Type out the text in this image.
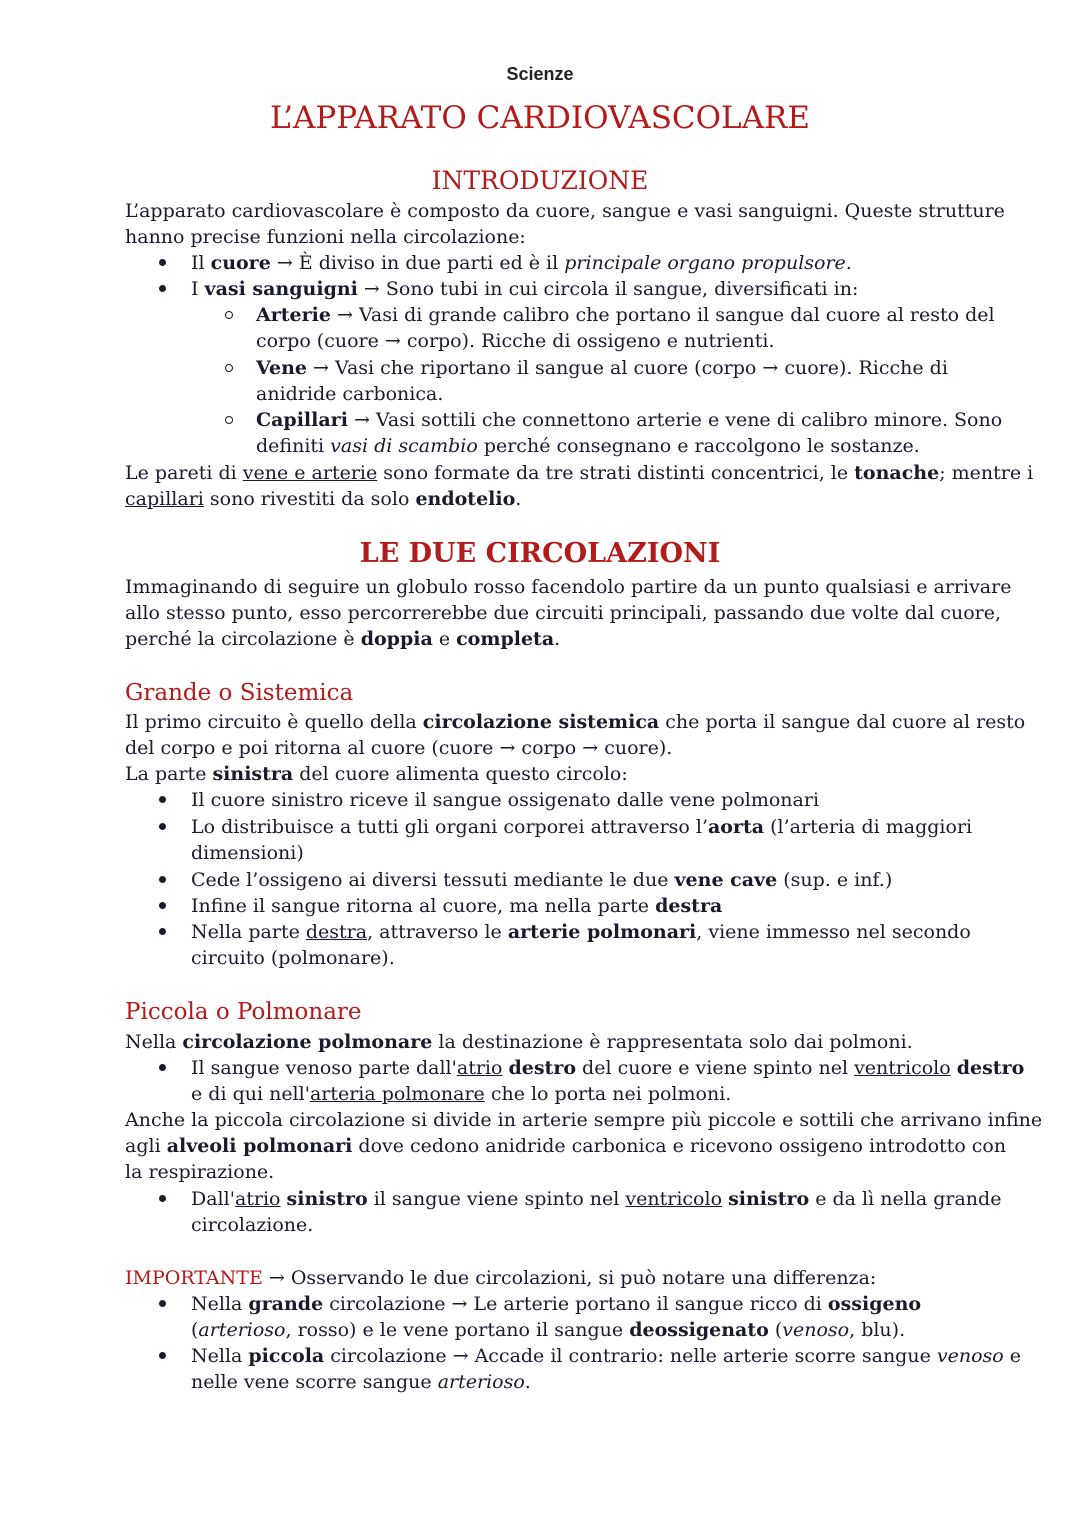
Scienze
L’APPARATO CARDIOVASCOLARE
INTRODUZIONE
L’apparato cardiovascolare è composto da cuore, sangue e vasi sanguigni. Queste strutture
hanno precise funzioni nella circolazione:
Il cuore → È diviso in due parti ed è il principale organo propulsore.
I vasi sanguigni → Sono tubi in cui circola il sangue, diversificati in:
Arterie → Vasi di grande calibro che portano il sangue dal cuore al resto del
corpo (cuore → corpo). Ricche di ossigeno e nutrienti.
Vene → Vasi che riportano il sangue al cuore (corpo → cuore). Ricche di
anidride carbonica.
Capillari → Vasi sottili che connettono arterie e vene di calibro minore. Sono
definiti vasi di scambio perché consegnano e raccolgono le sostanze.
Le pareti di vene e arterie sono formate da tre strati distinti concentrici, le tonache; mentre i
capillari sono rivestiti da solo endotelio.
LE DUE CIRCOLAZIONI
Immaginando di seguire un globulo rosso facendolo partire da un punto qualsiasi e arrivare
allo stesso punto, esso percorrerebbe due circuiti principali, passando due volte dal cuore,
perché la circolazione è doppia e completa.
Grande o Sistemica
Il primo circuito è quello della circolazione sistemica che porta il sangue dal cuore al resto
del corpo e poi ritorna al cuore (cuore → corpo → cuore).
La parte sinistra del cuore alimenta questo circolo:
Il cuore sinistro riceve il sangue ossigenato dalle vene polmonari
Lo distribuisce a tutti gli organi corporei attraverso l’aorta (l’arteria di maggiori
dimensioni)
Cede l’ossigeno ai diversi tessuti mediante le due vene cave (sup. e inf.)
Infine il sangue ritorna al cuore, ma nella parte destra
Nella parte destra, attraverso le arterie polmonari, viene immesso nel secondo
circuito (polmonare).
Piccola o Polmonare
Nella circolazione polmonare la destinazione è rappresentata solo dai polmoni.
Il sangue venoso parte dall'atrio destro del cuore e viene spinto nel ventricolo destro
e di qui nell'arteria polmonare che lo porta nei polmoni.
Anche la piccola circolazione si divide in arterie sempre più piccole e sottili che arrivano infine
agli alveoli polmonari dove cedono anidride carbonica e ricevono ossigeno introdotto con
la respirazione.
Dall'atrio sinistro il sangue viene spinto nel ventricolo sinistro e da lì nella grande
circolazione.
IMPORTANTE → Osservando le due circolazioni, si può notare una differenza:
Nella grande circolazione → Le arterie portano il sangue ricco di ossigeno
(arterioso, rosso) e le vene portano il sangue deossigenato (venoso, blu).
Nella piccola circolazione → Accade il contrario: nelle arterie scorre sangue venoso e
nelle vene scorre sangue arterioso.
